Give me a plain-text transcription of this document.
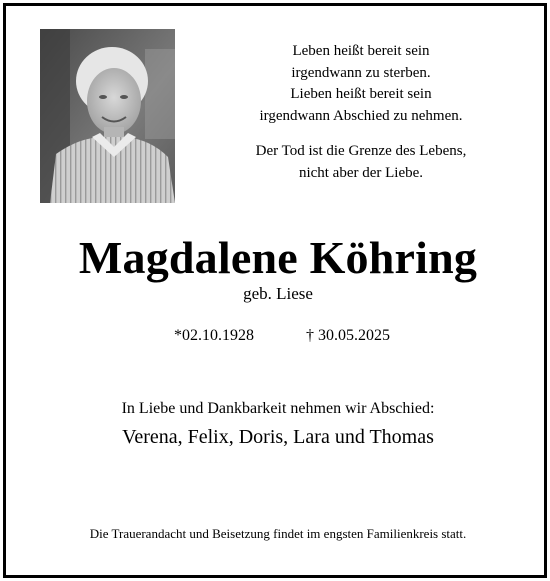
Leben heißt bereit sein
irgendwann zu sterben.
Lieben heißt bereit sein
irgendwann Abschied zu nehmen.
Der Tod ist die Grenze des Lebens,
nicht aber der Liebe.
Magdalene Köhring
geb. Liese
*02.10.1928	† 30.05.2025
In Liebe und Dankbarkeit nehmen wir Abschied:
Verena, Felix, Doris, Lara und Thomas
Die Trauerandacht und Beisetzung findet im engsten Familienkreis statt.
